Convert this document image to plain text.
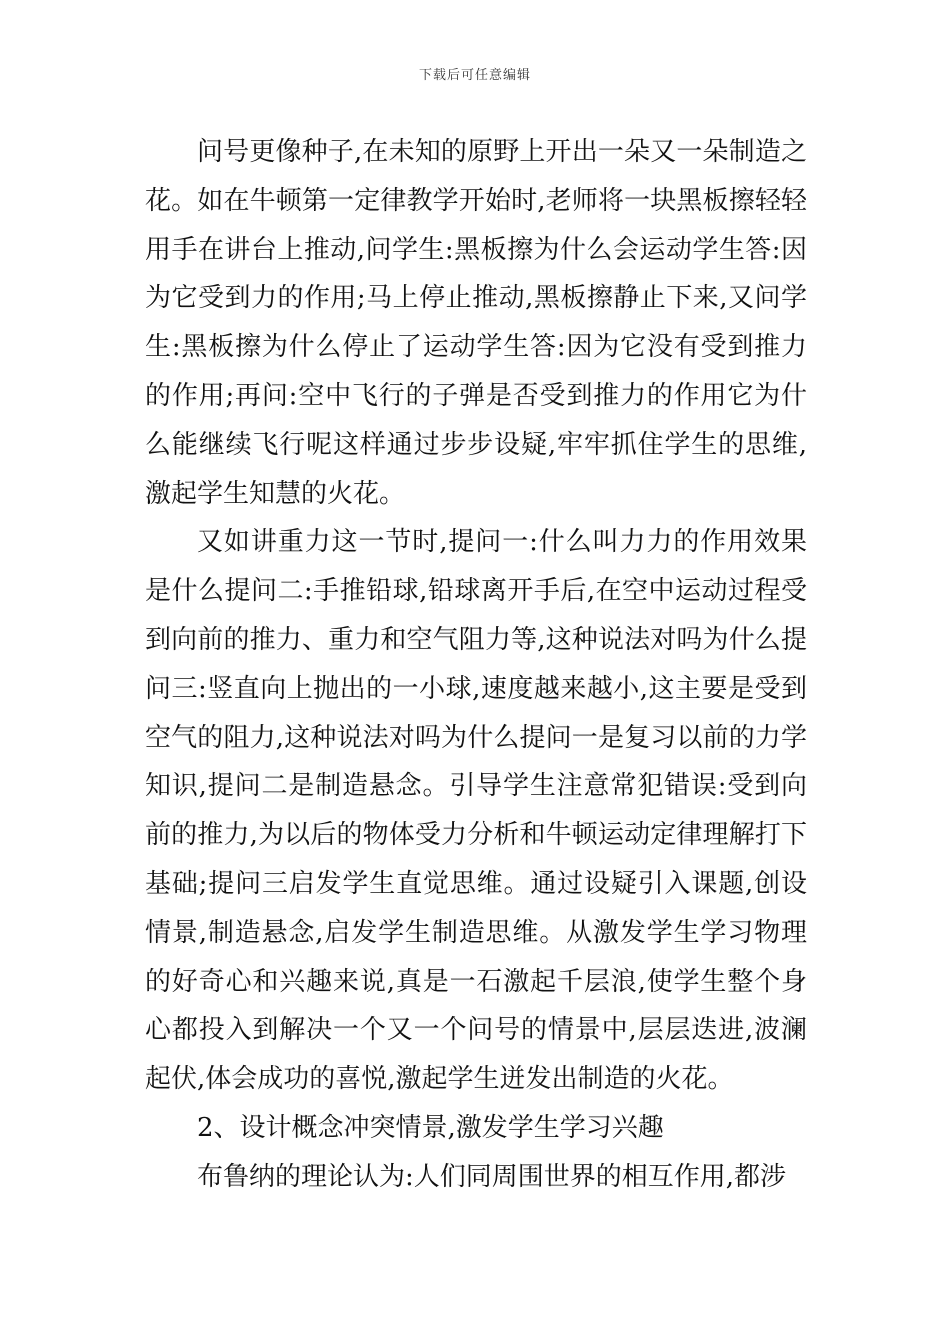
下载后可任意编辑

问号更像种子,在未知的原野上开出一朵又一朵制造之花。如在牛顿第一定律教学开始时,老师将一块黑板擦轻轻用手在讲台上推动,问学生:黑板擦为什么会运动学生答:因为它受到力的作用;马上停止推动,黑板擦静止下来,又问学生:黑板擦为什么停止了运动学生答:因为它没有受到推力的作用;再问:空中飞行的子弹是否受到推力的作用它为什么能继续飞行呢这样通过步步设疑,牢牢抓住学生的思维,激起学生知慧的火花。

又如讲重力这一节时,提问一:什么叫力力的作用效果是什么提问二:手推铅球,铅球离开手后,在空中运动过程受到向前的推力、重力和空气阻力等,这种说法对吗为什么提问三:竖直向上抛出的一小球,速度越来越小,这主要是受到空气的阻力,这种说法对吗为什么提问一是复习以前的力学知识,提问二是制造悬念。引导学生注意常犯错误:受到向前的推力,为以后的物体受力分析和牛顿运动定律理解打下基础;提问三启发学生直觉思维。通过设疑引入课题,创设情景,制造悬念,启发学生制造思维。从激发学生学习物理的好奇心和兴趣来说,真是一石激起千层浪,使学生整个身心都投入到解决一个又一个问号的情景中,层层迭进,波澜起伏,体会成功的喜悦,激起学生迸发出制造的火花。

2、设计概念冲突情景,激发学生学习兴趣

布鲁纳的理论认为:人们同周围世界的相互作用,都涉
